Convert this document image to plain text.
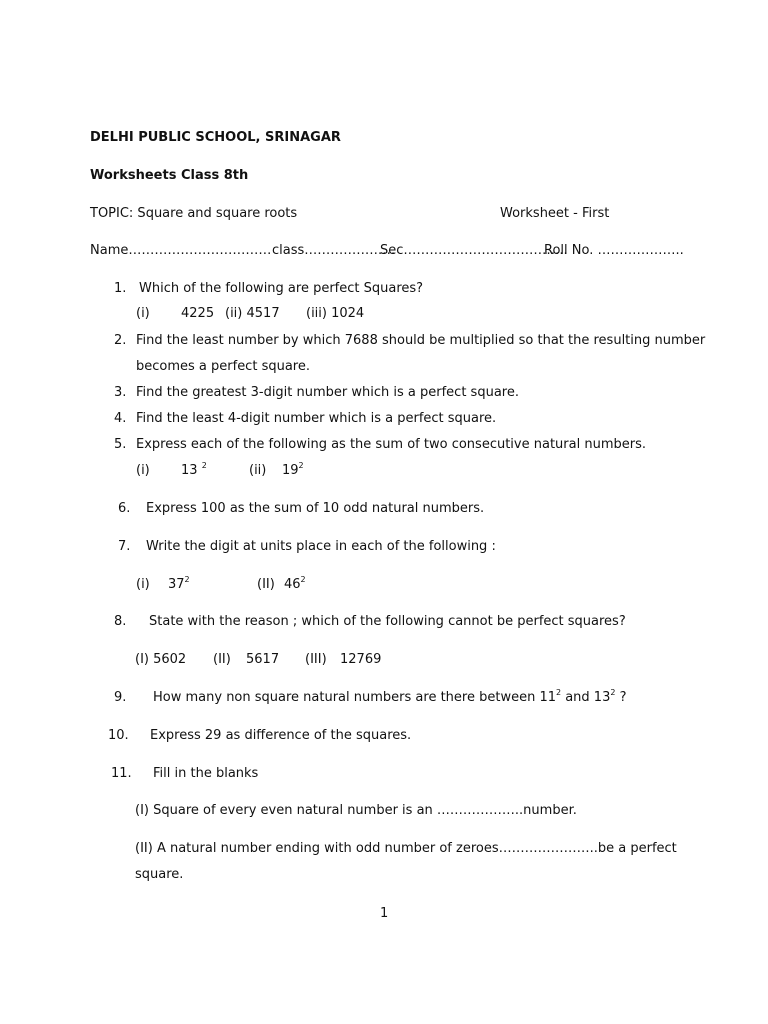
DELHI PUBLIC SCHOOL, SRINAGAR
Worksheets Class 8th
TOPIC: Square and square roots	Worksheet - First
Name…………………………… class…………………
Sec………………………………..
Roll No. ………………..
1. Which of the following are perfect Squares?
(i) 4225 (ii) 4517 (iii) 1024
2. Find the least number by which 7688 should be multiplied so that the resulting number
becomes a perfect square.
3. Find the greatest 3-digit number which is a perfect square.
4. Find the least 4-digit number which is a perfect square.
5. Express each of the following as the sum of two consecutive natural numbers.
(i) 13 $^2$	(ii) $19^2$
6. Express 100 as the sum of 10 odd natural numbers.
7. Write the digit at units place in each of the following :
(i) $37^2$	(II) $46^2$
8. State with the reason ; which of the following cannot be perfect squares?
(I) 5602 (II) 5617 (III) 12769
9. How many non square natural numbers are there between $11^2$ and $13^2$ ?
10. Express 29 as difference of the squares.
11. Fill in the blanks
(I) Square of every even natural number is an ………………..number.
(II) A natural number ending with odd number of zeroes…………………..be a perfect
square.
1
